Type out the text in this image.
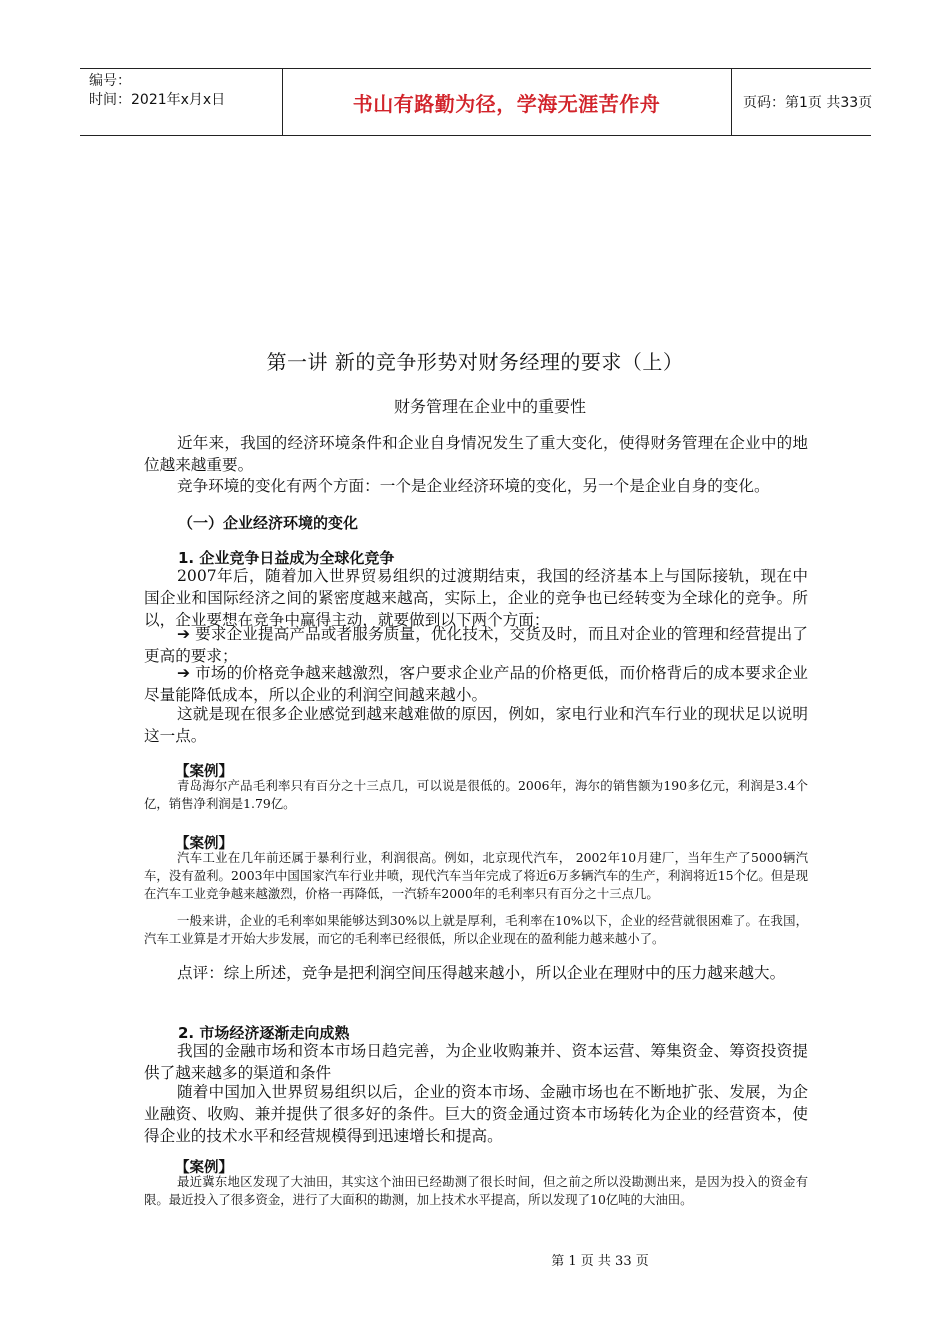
编号：
时间：2021年x月x日	书山有路勤为径，学海无涯苦作舟	页码：第1页 共33页
第一讲 新的竞争形势对财务经理的要求（上）
财务管理在企业中的重要性
近年来，我国的经济环境条件和企业自身情况发生了重大变化，使得财务管理在企业中的地位越来越重要。
竞争环境的变化有两个方面：一个是企业经济环境的变化，另一个是企业自身的变化。
（一）企业经济环境的变化
1. 企业竞争日益成为全球化竞争
2007年后，随着加入世界贸易组织的过渡期结束，我国的经济基本上与国际接轨，现在中国企业和国际经济之间的紧密度越来越高，实际上，企业的竞争也已经转变为全球化的竞争。所以，企业要想在竞争中赢得主动，就要做到以下两个方面：
➔ 要求企业提高产品或者服务质量，优化技术，交货及时，而且对企业的管理和经营提出了更高的要求；
➔ 市场的价格竞争越来越激烈，客户要求企业产品的价格更低，而价格背后的成本要求企业尽量能降低成本，所以企业的利润空间越来越小。
这就是现在很多企业感觉到越来越难做的原因，例如，家电行业和汽车行业的现状足以说明这一点。
【案例】
青岛海尔产品毛利率只有百分之十三点几，可以说是很低的。2006年，海尔的销售额为190多亿元，利润是3.4个亿，销售净利润是1.79亿。
【案例】
汽车工业在几年前还属于暴利行业，利润很高。例如，北京现代汽车， 2002年10月建厂，当年生产了5000辆汽车，没有盈利。2003年中国国家汽车行业井喷，现代汽车当年完成了将近6万多辆汽车的生产，利润将近15个亿。但是现在汽车工业竞争越来越激烈，价格一再降低，一汽轿车2000年的毛利率只有百分之十三点几。
一般来讲，企业的毛利率如果能够达到30%以上就是厚利，毛利率在10%以下，企业的经营就很困难了。在我国，汽车工业算是才开始大步发展，而它的毛利率已经很低，所以企业现在的盈利能力越来越小了。
点评：综上所述，竞争是把利润空间压得越来越小，所以企业在理财中的压力越来越大。
2. 市场经济逐渐走向成熟
我国的金融市场和资本市场日趋完善，为企业收购兼并、资本运营、筹集资金、筹资投资提供了越来越多的渠道和条件
随着中国加入世界贸易组织以后，企业的资本市场、金融市场也在不断地扩张、发展，为企业融资、收购、兼并提供了很多好的条件。巨大的资金通过资本市场转化为企业的经营资本，使得企业的技术水平和经营规模得到迅速增长和提高。
【案例】
最近冀东地区发现了大油田，其实这个油田已经勘测了很长时间，但之前之所以没勘测出来，是因为投入的资金有限。最近投入了很多资金，进行了大面积的勘测，加上技术水平提高，所以发现了10亿吨的大油田。
第 1 页 共 33 页
